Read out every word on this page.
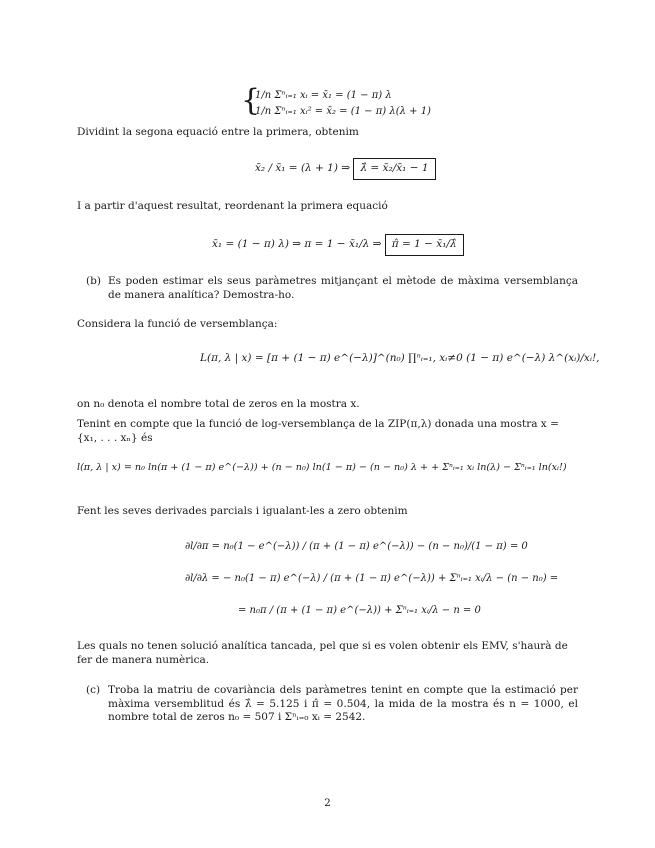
{
1/n Σⁿᵢ₌₁ xᵢ = x̄₁ = (1 − π) λ
1/n Σⁿᵢ₌₁ xᵢ² = x̄₂ = (1 − π) λ(λ + 1)
Dividint la segona equació entre la primera, obtenim
x̄₂ / x̄₁ = (λ + 1) ⇒ λ̂ = x̄₂/x̄₁ − 1
I a partir d'aquest resultat, reordenant la primera equació
x̄₁ = (1 − π) λ) ⇒ π = 1 − x̄₁/λ ⇒ π̂ = 1 − x̄₁/λ̂
(b) Es poden estimar els seus paràmetres mitjançant el mètode de màxima versemblança de manera analítica? Demostra-ho.
Considera la funció de versemblança:
L(π, λ | x) = [π + (1 − π) e^(−λ)]^(n₀) ∏ⁿᵢ₌₁, xᵢ≠0 (1 − π) e^(−λ) λ^(xᵢ)/xᵢ!,
on n₀ denota el nombre total de zeros en la mostra x.
Tenint en compte que la funció de log-versemblança de la ZIP(π,λ) donada una mostra x = {x₁, . . . xₙ} és
l(π, λ | x) = n₀ ln(π + (1 − π) e^(−λ)) + (n − n₀) ln(1 − π) − (n − n₀) λ + + Σⁿᵢ₌₁ xᵢ ln(λ) − Σⁿᵢ₌₁ ln(xᵢ!)
Fent les seves derivades parcials i igualant-les a zero obtenim
∂l/∂π = n₀(1 − e^(−λ)) / (π + (1 − π) e^(−λ)) − (n − n₀)/(1 − π) = 0
∂l/∂λ = − n₀(1 − π) e^(−λ) / (π + (1 − π) e^(−λ)) + Σⁿᵢ₌₁ xᵢ/λ − (n − n₀) =
= n₀π / (π + (1 − π) e^(−λ)) + Σⁿᵢ₌₁ xᵢ/λ − n = 0
Les quals no tenen solució analítica tancada, pel que si es volen obtenir els EMV, s'haurà de fer de manera numèrica.
(c) Troba la matriu de covariància dels paràmetres tenint en compte que la estimació per màxima versemblitud és λ̂ = 5.125 i π̂ = 0.504, la mida de la mostra és n = 1000, el nombre total de zeros n₀ = 507 i Σⁿᵢ₌₀ xᵢ = 2542.
2
